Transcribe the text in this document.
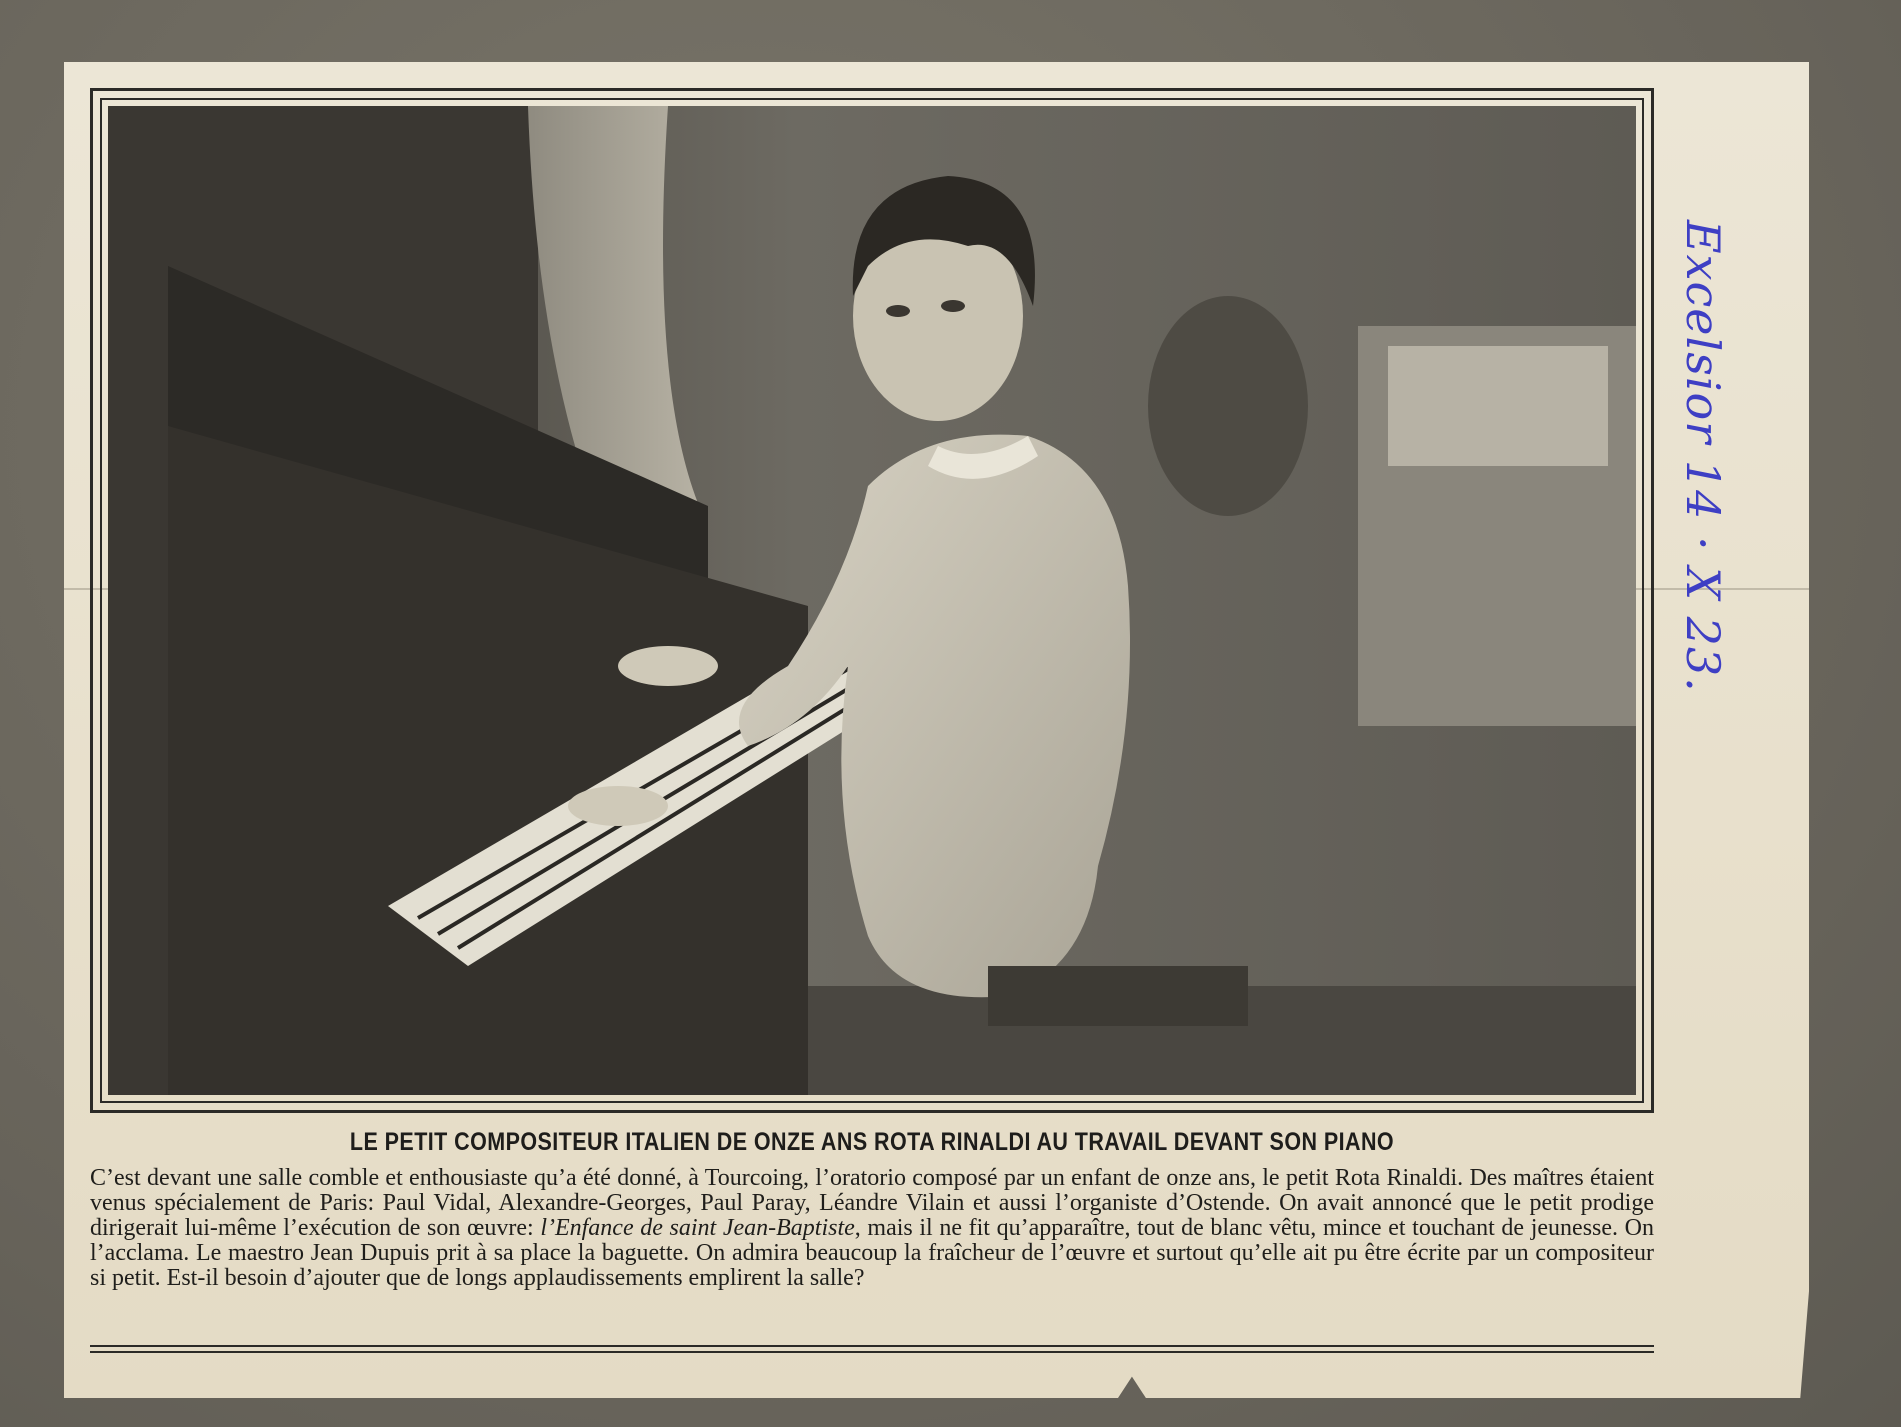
LE PETIT COMPOSITEUR ITALIEN DE ONZE ANS ROTA RINALDI AU TRAVAIL DEVANT SON PIANO

C’est devant une salle comble et enthousiaste qu’a été donné, à Tourcoing, l’oratorio composé par un enfant de onze ans, le petit Rota Rinaldi. Des maîtres étaient venus spécialement de Paris: Paul Vidal, Alexandre-Georges, Paul Paray, Léandre Vilain et aussi l’organiste d’Ostende. On avait annoncé que le petit prodige dirigerait lui-même l’exécution de son œuvre: l’Enfance de saint Jean-Baptiste, mais il ne fit qu’apparaître, tout de blanc vêtu, mince et touchant de jeunesse. On l’acclama. Le maestro Jean Dupuis prit à sa place la baguette. On admira beaucoup la fraîcheur de l’œuvre et surtout qu’elle ait pu être écrite par un compositeur si petit. Est-il besoin d’ajouter que de longs applaudissements emplirent la salle?

Excelsior 14 · X 23.
